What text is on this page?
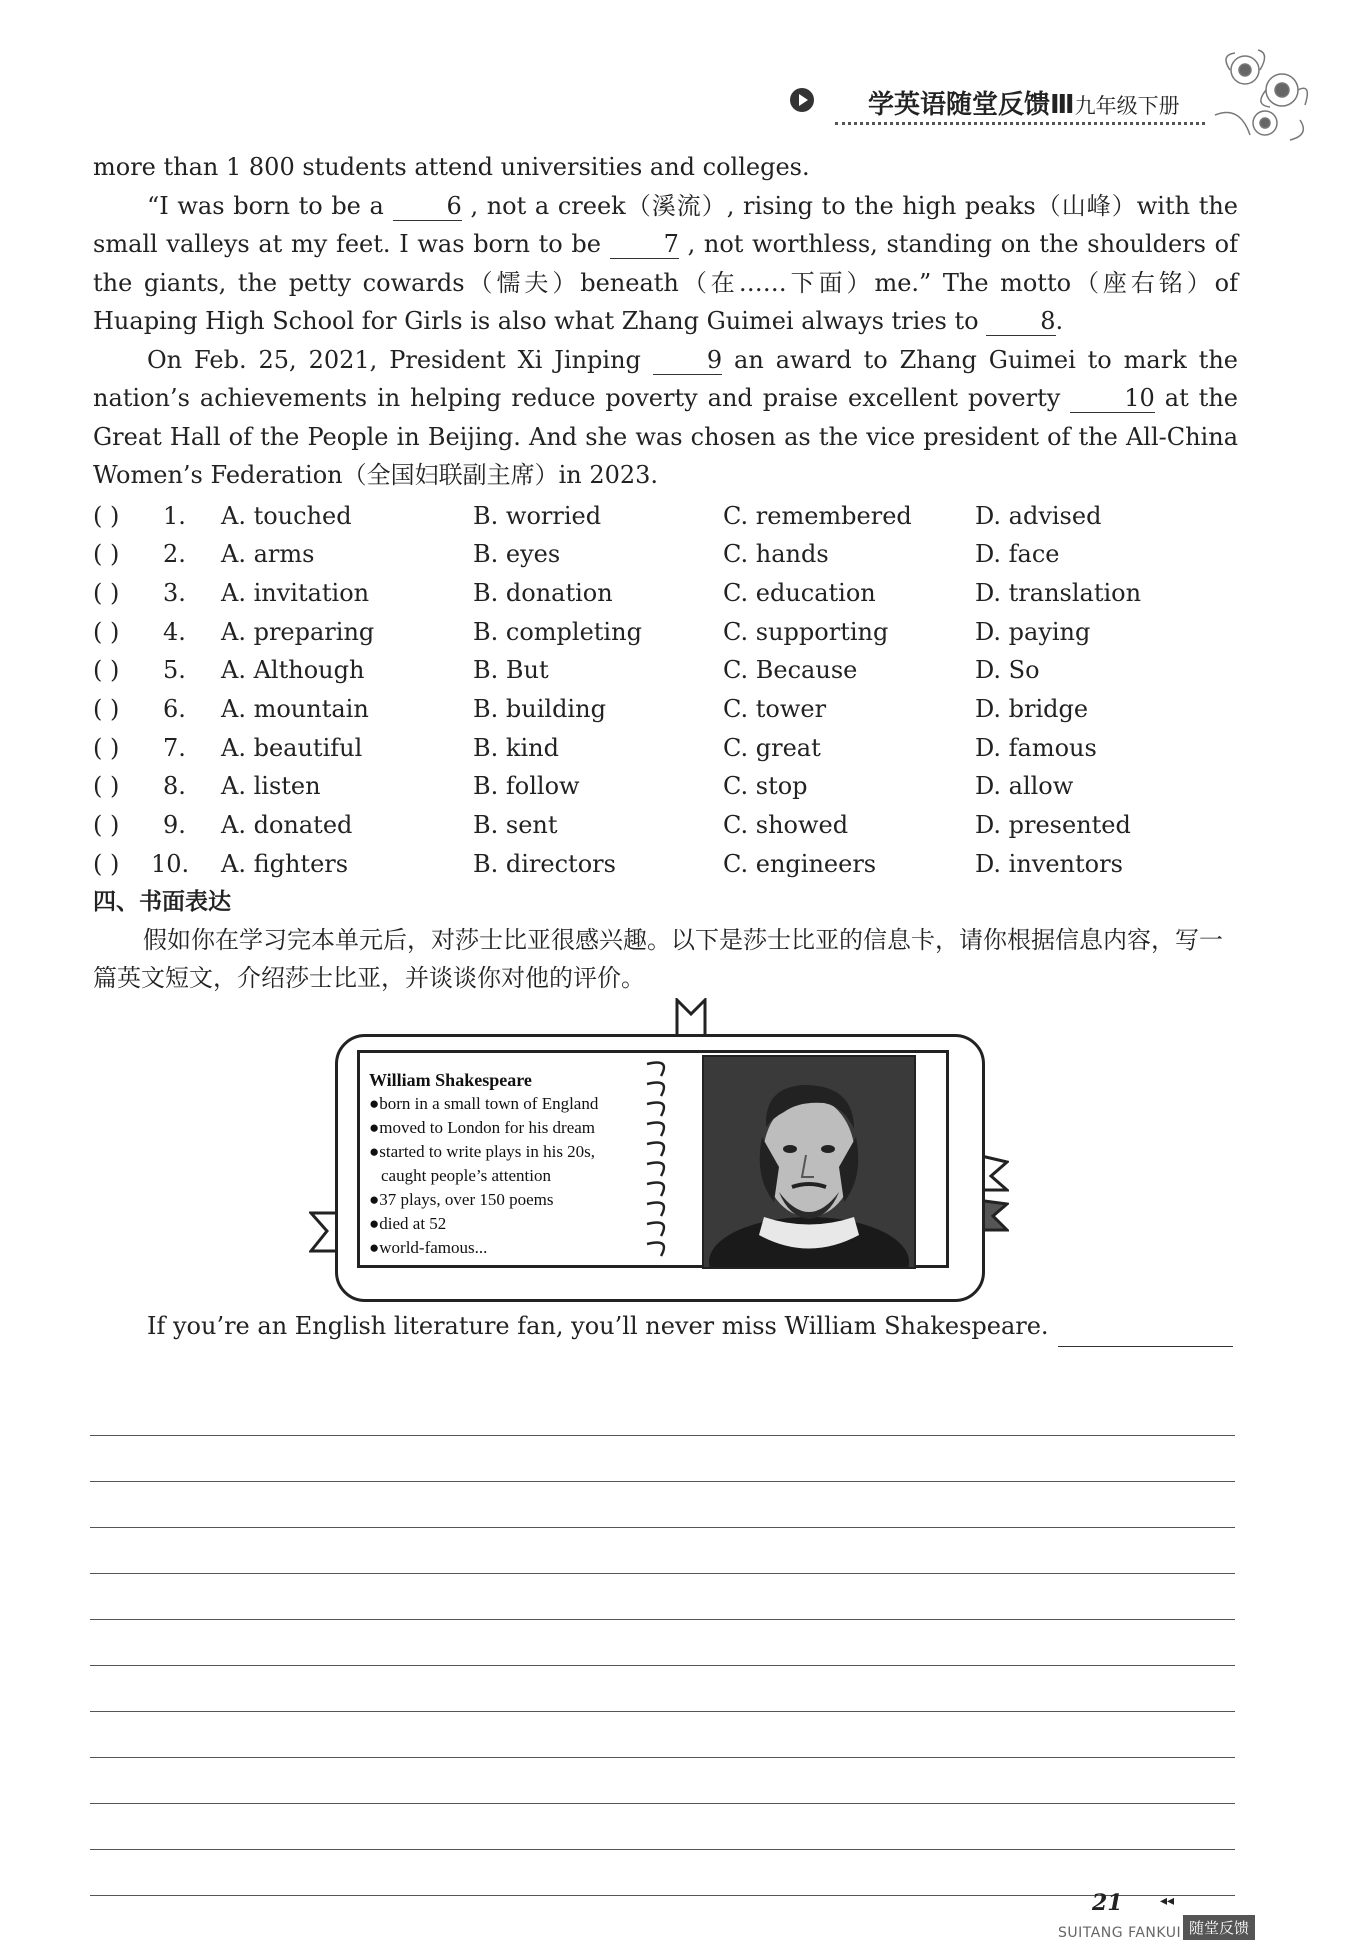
学英语随堂反馈Ⅲ九年级下册

more than 1 800 students attend universities and colleges.

“I was born to be a	6 , not a creek（溪流）, rising to the high peaks（山峰）with the small valleys at my feet. I was born to be	7 , not worthless, standing on the shoulders of the giants, the petty cowards（懦夫）beneath（在……下面）me.” The motto（座右铭）of Huaping High School for Girls is also what Zhang Guimei always tries to	8.

On Feb. 25, 2021, President Xi Jinping	9 an award to Zhang Guimei to mark the nation’s achievements in helping reduce poverty and praise excellent poverty	10 at the Great Hall of the People in Beijing. And she was chosen as the vice president of the All-China Women’s Federation（全国妇联副主席）in 2023.

( ) 1. A. touched	B. worried	C. remembered	D. advised
( ) 2. A. arms	B. eyes	C. hands	D. face
( ) 3. A. invitation	B. donation	C. education	D. translation
( ) 4. A. preparing	B. completing	C. supporting	D. paying
( ) 5. A. Although	B. But	C. Because	D. So
( ) 6. A. mountain	B. building	C. tower	D. bridge
( ) 7. A. beautiful	B. kind	C. great	D. famous
( ) 8. A. listen	B. follow	C. stop	D. allow
( ) 9. A. donated	B. sent	C. showed	D. presented
( ) 10. A. fighters	B. directors	C. engineers	D. inventors
四、书面表达

假如你在学习完本单元后，对莎士比亚很感兴趣。以下是莎士比亚的信息卡，请你根据信息内容，写一篇英文短文，介绍莎士比亚，并谈谈你对他的评价。

William Shakespeare
●born in a small town of England
●moved to London for his dream
●started to write plays in his 20s,
caught people’s attention
●37 plays, over 150 poems
●died at 52
●world-famous...
If you’re an English literature fan, you’ll never miss William Shakespeare.
21	◂◂
SUITANG FANKUI 随堂反馈
